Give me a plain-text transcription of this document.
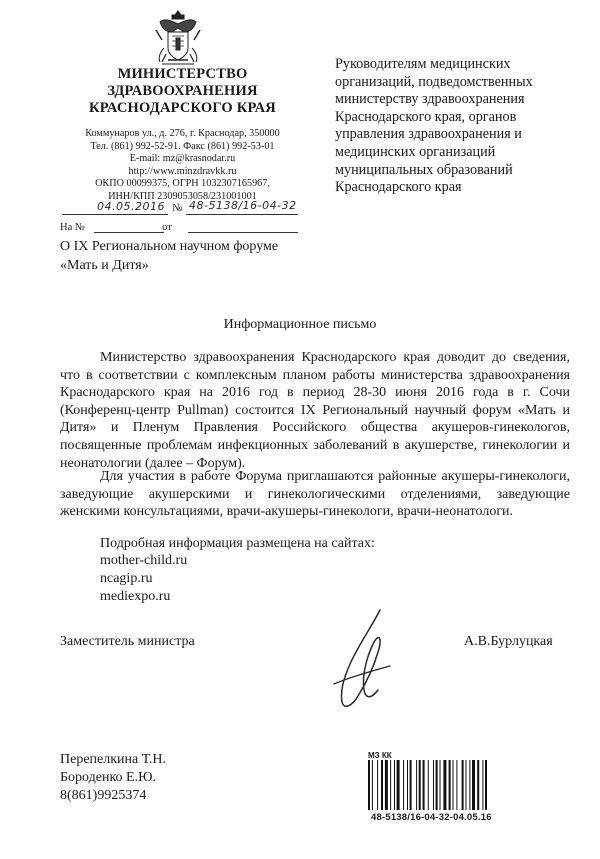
МИНИСТЕРСТВО
ЗДРАВООХРАНЕНИЯ
КРАСНОДАРСКОГО КРАЯ
Коммунаров ул., д. 276, г. Краснодар, 350000
Тел. (861) 992-52-91. Факс (861) 992-53-01
E-mail: mz@krasnodar.ru
http://www.minzdravkk.ru
ОКПО 00099375, ОГРН 1032307165967,
ИНН/КПП 2309053058/231001001
04.05.2016 № 48-5138/16-04-32
На №	от
О IX Региональном научном форуме «Мать и Дитя»
Руководителям медицинских организаций, подведомственных министерству здравоохранения Краснодарского края, органов управления здравоохранения и медицинских организаций муниципальных образований Краснодарского края
Информационное письмо
Министерство здравоохранения Краснодарского края доводит до сведения, что в соответствии с комплексным планом работы министерства здравоохранения Краснодарского края на 2016 год в период 28-30 июня 2016 года в г. Сочи (Конференц-центр Pullman) состоится IX Региональный научный форум «Мать и Дитя» и Пленум Правления Российского общества акушеров-гинекологов, посвященные проблемам инфекционных заболеваний в акушерстве, гинекологии и неонатологии (далее – Форум).
Для участия в работе Форума приглашаются районные акушеры-гинекологи, заведующие акушерскими и гинекологическими отделениями, заведующие женскими консультациями, врачи-акушеры-гинекологи, врачи-неонатологи.
Подробная информация размещена на сайтах:
mother-child.ru
ncagip.ru
mediexpo.ru
Заместитель министра	А.В.Бурлуцкая
Перепелкина Т.Н.
Бороденко Е.Ю.
8(861)9925374
МЗ КК
48-5138/16-04-32-04.05.16
